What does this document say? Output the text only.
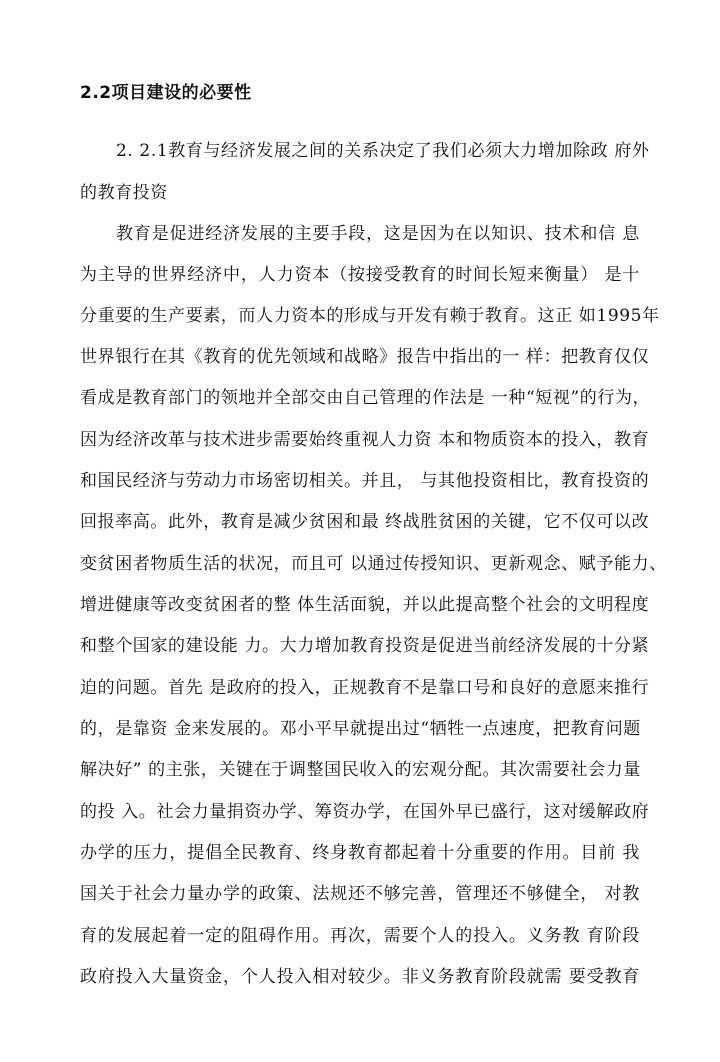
2.2项目建设的必要性
2. 2.1教育与经济发展之间的关系决定了我们必须大力增加除政 府外
的教育投资
教育是促进经济发展的主要手段，这是因为在以知识、技术和信 息
为主导的世界经济中，人力资本（按接受教育的时间长短来衡量） 是十
分重要的生产要素，而人力资本的形成与开发有赖于教育。这正 如1995年
世界银行在其《教育的优先领域和战略》报告中指出的一 样：把教育仅仅
看成是教育部门的领地并全部交由自己管理的作法是 一种“短视”的行为，
因为经济改革与技术进步需要始终重视人力资 本和物质资本的投入，教育
和国民经济与劳动力市场密切相关。并且， 与其他投资相比，教育投资的
回报率高。此外，教育是减少贫困和最 终战胜贫困的关键，它不仅可以改
变贫困者物质生活的状况，而且可 以通过传授知识、更新观念、赋予能力、
增进健康等改变贫困者的整 体生活面貌，并以此提高整个社会的文明程度
和整个国家的建设能 力。大力增加教育投资是促进当前经济发展的十分紧
迫的问题。首先 是政府的投入，正规教育不是靠口号和良好的意愿来推行
的，是靠资 金来发展的。邓小平早就提出过“牺牲一点速度，把教育问题
解决好” 的主张，关键在于调整国民收入的宏观分配。其次需要社会力量
的投 入。社会力量捐资办学、筹资办学，在国外早已盛行，这对缓解政府
办学的压力，提倡全民教育、终身教育都起着十分重要的作用。目前 我
国关于社会力量办学的政策、法规还不够完善，管理还不够健全， 对教
育的发展起着一定的阻碍作用。再次，需要个人的投入。义务教 育阶段
政府投入大量资金，个人投入相对较少。非义务教育阶段就需 要受教育
